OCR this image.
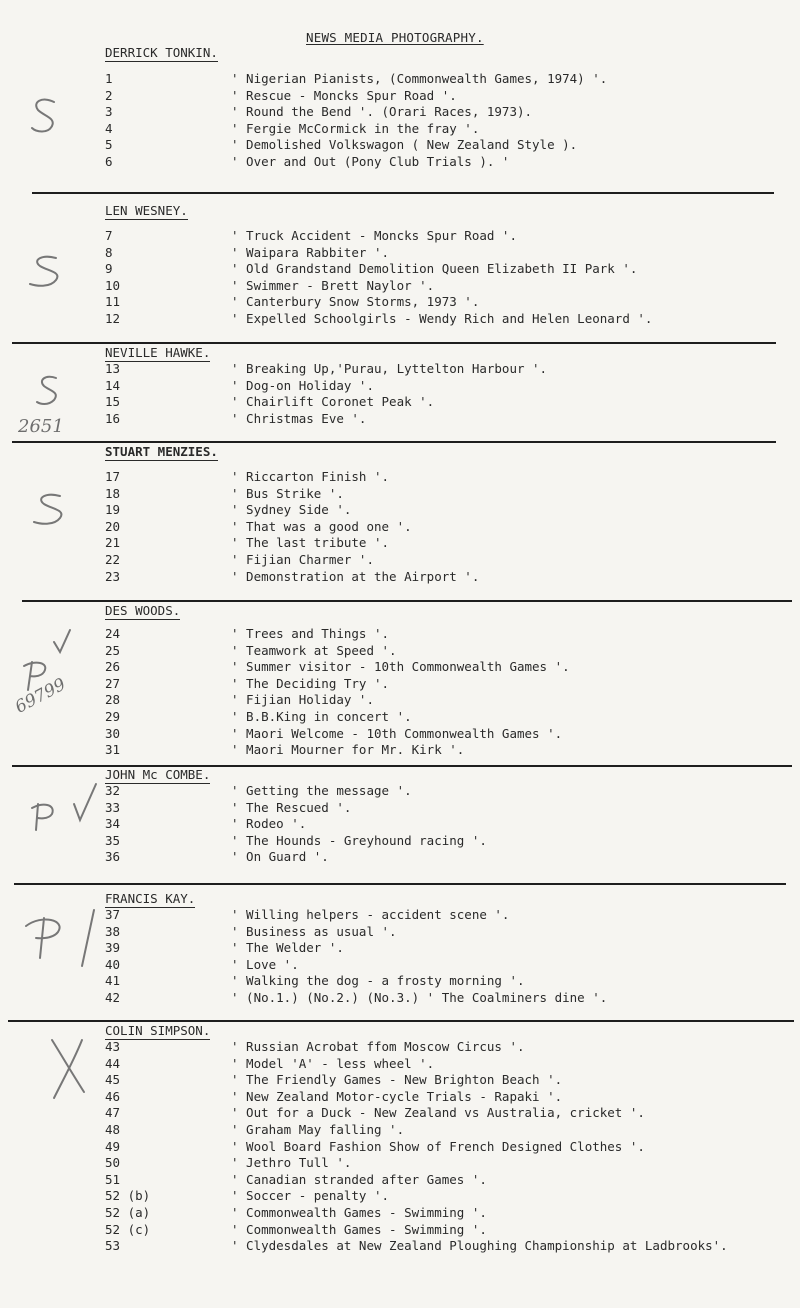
NEWS MEDIA PHOTOGRAPHY.
DERRICK TONKIN.
1	' Nigerian Pianists, (Commonwealth Games, 1974) '.
2	' Rescue - Moncks Spur Road '.
3	' Round the Bend '. (Orari Races, 1973).
4	' Fergie McCormick in the fray '.
5	' Demolished Volkswagon ( New Zealand Style ).
6	' Over and Out (Pony Club Trials ). '
LEN WESNEY.
7	' Truck Accident - Moncks Spur Road '.
8	' Waipara Rabbiter '.
9	' Old Grandstand Demolition Queen Elizabeth II Park '.
10	' Swimmer - Brett Naylor '.
11	' Canterbury Snow Storms, 1973 '.
12	' Expelled Schoolgirls - Wendy Rich and Helen Leonard '.
NEVILLE HAWKE.
13	' Breaking Up,'Purau, Lyttelton Harbour '.
14	' Dog-on Holiday '.
15	' Chairlift Coronet Peak '.
16	' Christmas Eve '.
STUART MENZIES.
17	' Riccarton Finish '.
18	' Bus Strike '.
19	' Sydney Side '.
20	' That was a good one '.
21	' The last tribute '.
22	' Fijian Charmer '.
23	' Demonstration at the Airport '.
DES WOODS.
24	' Trees and Things '.
25	' Teamwork at Speed '.
26	' Summer visitor - 10th Commonwealth Games '.
27	' The Deciding Try '.
28	' Fijian Holiday '.
29	' B.B.King in concert '.
30	' Maori Welcome - 10th Commonwealth Games '.
31	' Maori Mourner for Mr. Kirk '.
JOHN Mc COMBE.
32	' Getting the message '.
33	' The Rescued '.
34	' Rodeo '.
35	' The Hounds - Greyhound racing '.
36	' On Guard '.
FRANCIS KAY.
37	' Willing helpers - accident scene '.
38	' Business as usual '.
39	' The Welder '.
40	' Love '.
41	' Walking the dog - a frosty morning '.
42	' (No.1.) (No.2.) (No.3.) ' The Coalminers dine '.
COLIN SIMPSON.
43	' Russian Acrobat ffom Moscow Circus '.
44	' Model 'A' - less wheel '.
45	' The Friendly Games - New Brighton Beach '.
46	' New Zealand Motor-cycle Trials - Rapaki '.
47	' Out for a Duck - New Zealand vs Australia, cricket '.
48	' Graham May falling '.
49	' Wool Board Fashion Show of French Designed Clothes '.
50	' Jethro Tull '.
51	' Canadian stranded after Games '.
52 (b)	' Soccer - penalty '.
52 (a)	' Commonwealth Games - Swimming '.
52 (c)	' Commonwealth Games - Swimming '.
53	' Clydesdales at New Zealand Ploughing Championship at Ladbrooks'.
2651
69799
